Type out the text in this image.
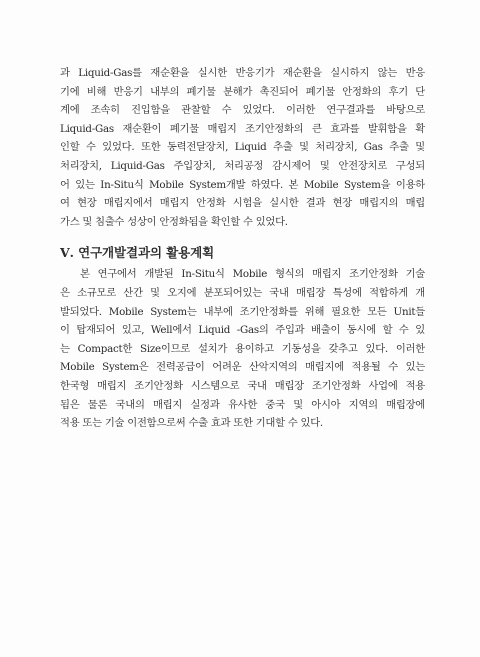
과 Liquid-Gas를 재순환을 실시한 반응기가 재순환을 실시하지 않는 반응
기에 비해 반응기 내부의 폐기물 분해가 촉진되어 폐기물 안정화의 후기 단
계에 조속히 진입함을 관찰할 수 있었다. 이러한 연구결과를 바탕으로
Liquid-Gas 재순환이 폐기물 매립지 조기안정화의 큰 효과를 발휘함을 확
인할 수 있었다. 또한 동력전달장치, Liquid 추출 및 처리장치, Gas 추출 및
처리장치, Liquid-Gas 주입장치, 처리공정 감시제어 및 안전장치로 구성되
어 있는 In-Situ식 Mobile System개발 하였다. 본 Mobile System을 이용하
여 현장 매립지에서 매립지 안정화 시험을 실시한 결과 현장 매립지의 매립
가스 및 침출수 성상이 안정화됨을 확인할 수 있었다.
Ⅴ. 연구개발결과의 활용계획
본 연구에서 개발된 In-Situ식 Mobile 형식의 매립지 조기안정화 기술
은 소규모로 산간 및 오지에 분포되어있는 국내 매립장 특성에 적합하게 개
발되었다. Mobile System는 내부에 조기안정화를 위해 필요한 모든 Unit들
이 탑재되어 있고, Well에서 Liquid -Gas의 주입과 배출이 동시에 할 수 있
는 Compact한 Size이므로 설치가 용이하고 기동성을 갖추고 있다. 이러한
Mobile System은 전력공급이 어려운 산악지역의 매립지에 적용될 수 있는
한국형 매립지 조기안정화 시스템으로 국내 매립장 조기안정화 사업에 적용
됨은 물론 국내의 매립지 실정과 유사한 중국 및 아시아 지역의 매립장에
적용 또는 기술 이전함으로써 수출 효과 또한 기대할 수 있다.
